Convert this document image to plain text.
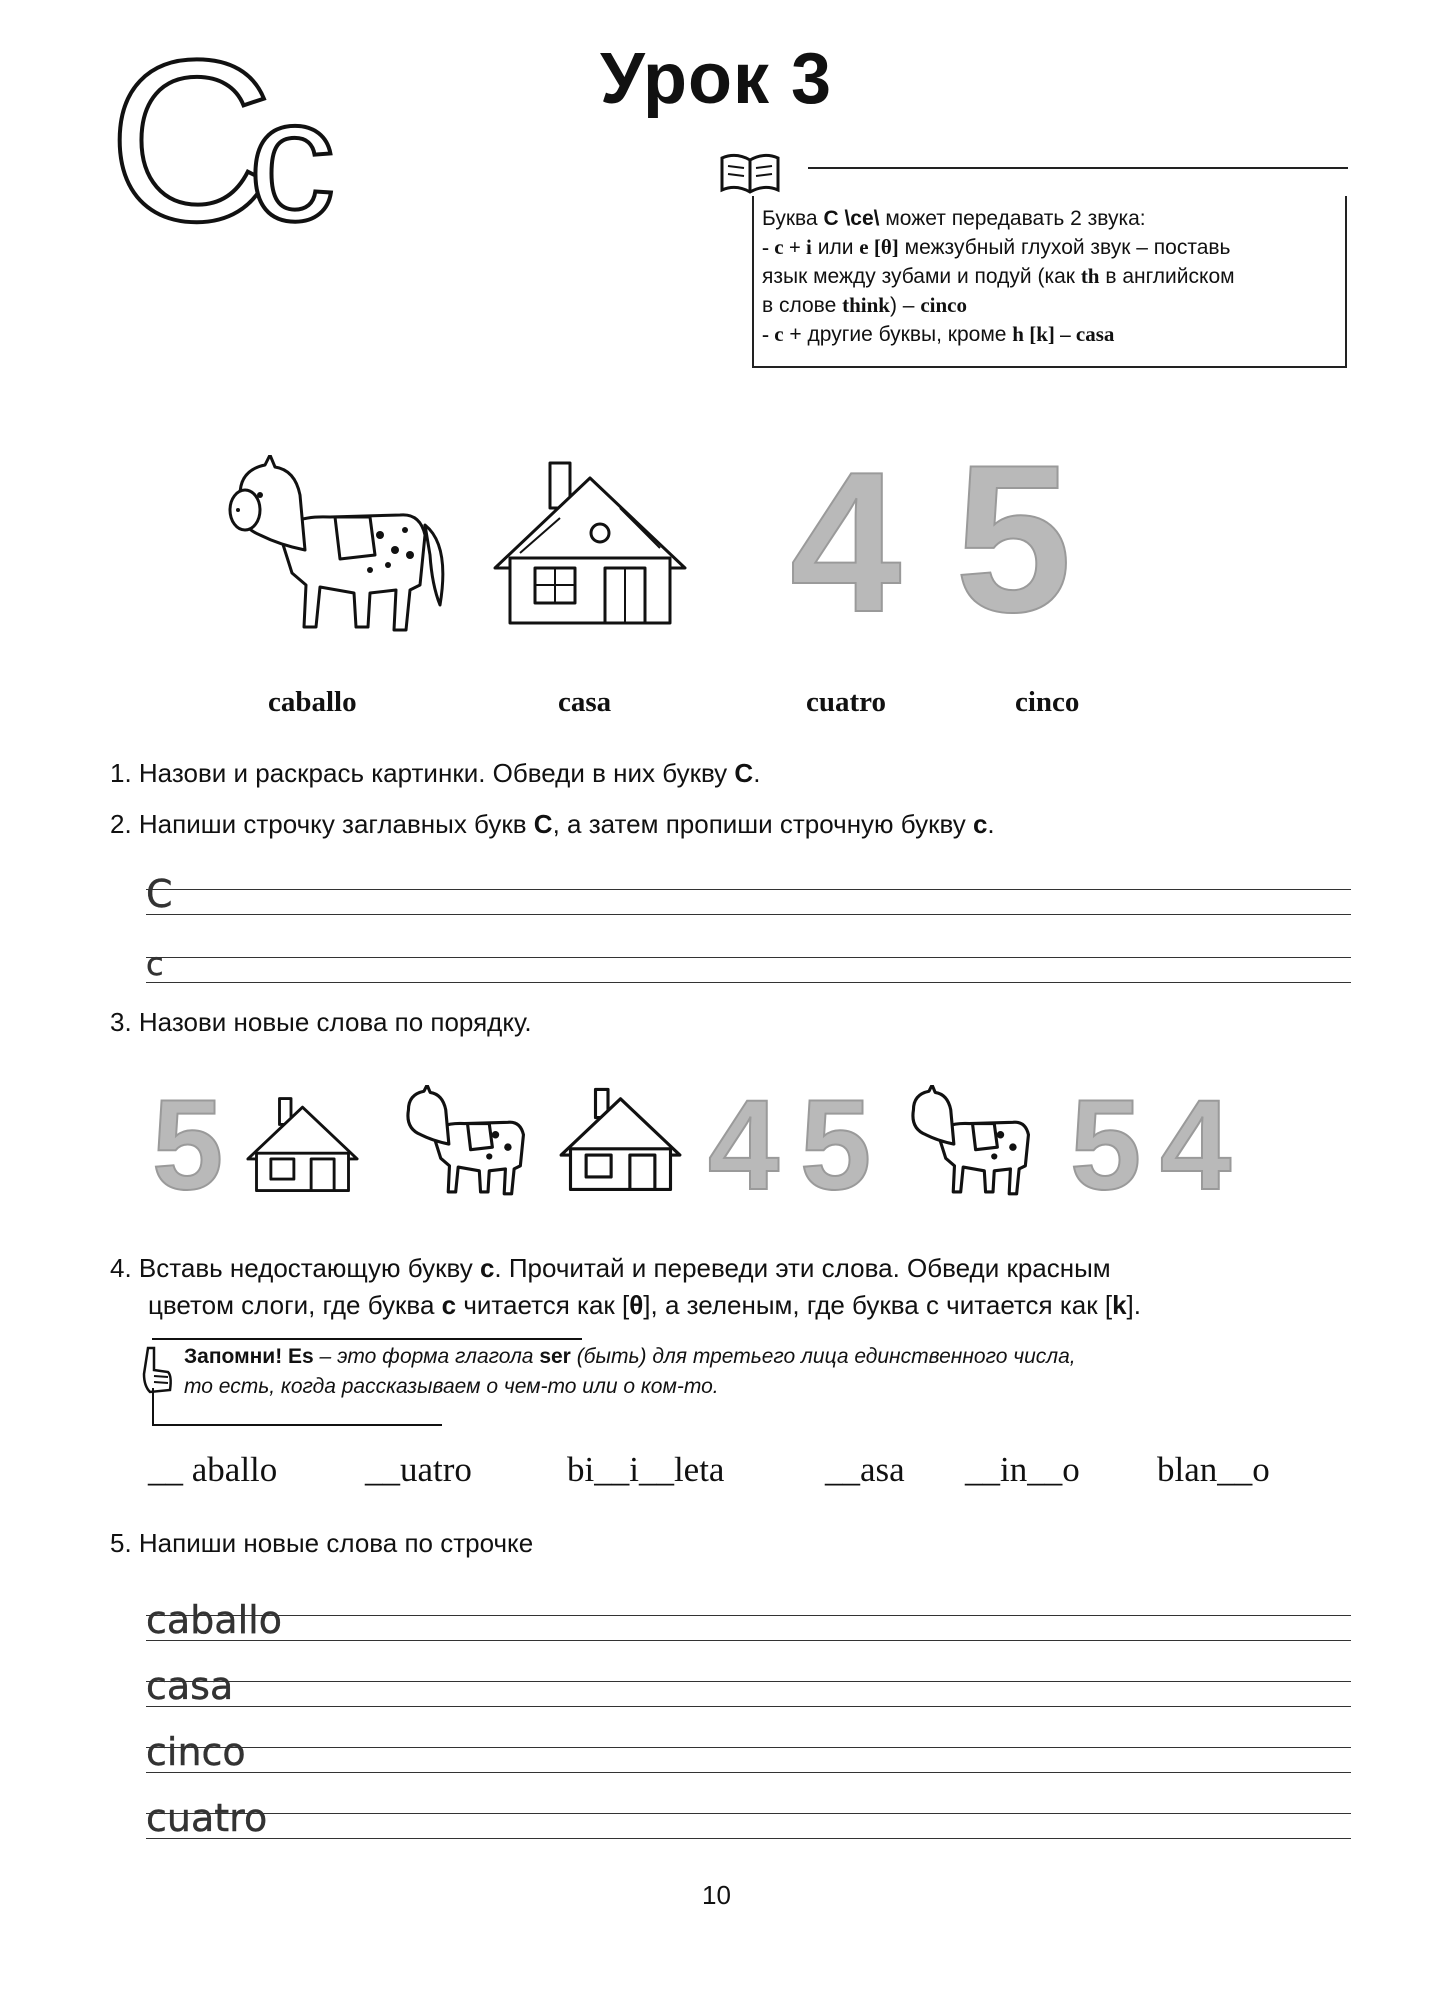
C
c	Урок 3
Буква C \ce\ может передавать 2 звука:
- c + i или e [θ] межзубный глухой звук – поставь
язык между зубами и подуй (как th в английском
в слове think) – cinco
- c + другие буквы, кроме h [k] – casa
4 5
caballo	casa	cuatro	cinco
1. Назови и раскрась картинки. Обведи в них букву C.
2. Напиши строчку заглавных букв C, а затем пропиши строчную букву c.
C
c
3. Назови новые слова по порядку.
5	4 5 5 4
4. Вставь недостающую букву c. Прочитай и переведи эти слова. Обведи красным
цветом слоги, где буква c читается как [θ], а зеленым, где буква с читается как [k].
Запомни! Es – это форма глагола ser (быть) для третьего лица единственного числа,
то есть, когда рассказываем о чем-то или о ком-то.
__ aballo	__uatro	bi__i__leta	__asa __in__o blan__o
5. Напиши новые слова по строчке
caballo
casa
cinco
cuatro
10
